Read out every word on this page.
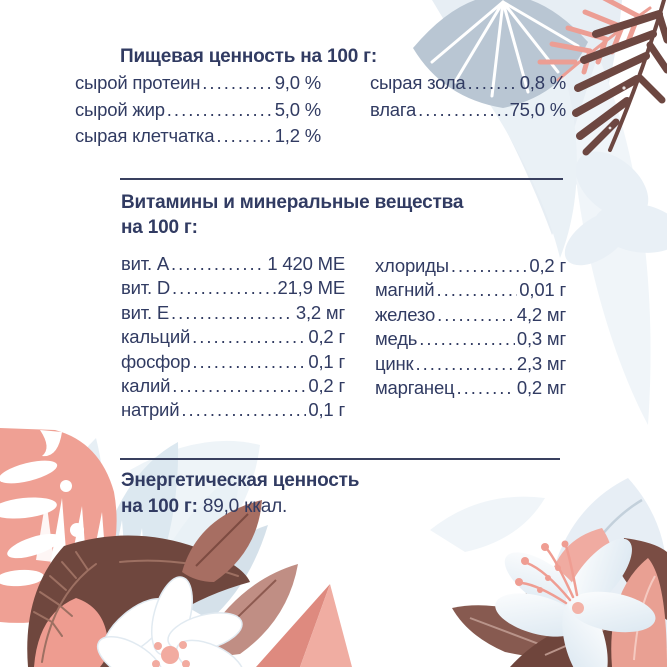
Пищевая ценность на 100 г:
сырой протеин .....	9,0 %
сырой жир .....	5,0 %
сырая клетчатка .....	1,2 %
сырая зола .....	0,8 %
влага .....	75,0 %
Витамины и минеральные вещества
на 100 г:
вит. A .....	1 420 МЕ
вит. D .....	21,9 МЕ
вит. E .....	3,2 мг
кальций .....	0,2 г
фосфор .....	0,1 г
калий .....	0,2 г
натрий .....	0,1 г
хлориды .....	0,2 г
магний .....	0,01 г
железо .....	4,2 мг
медь .....	0,3 мг
цинк .....	2,3 мг
марганец .....	0,2 мг
Энергетическая ценность
на 100 г: 89,0 ккал.
